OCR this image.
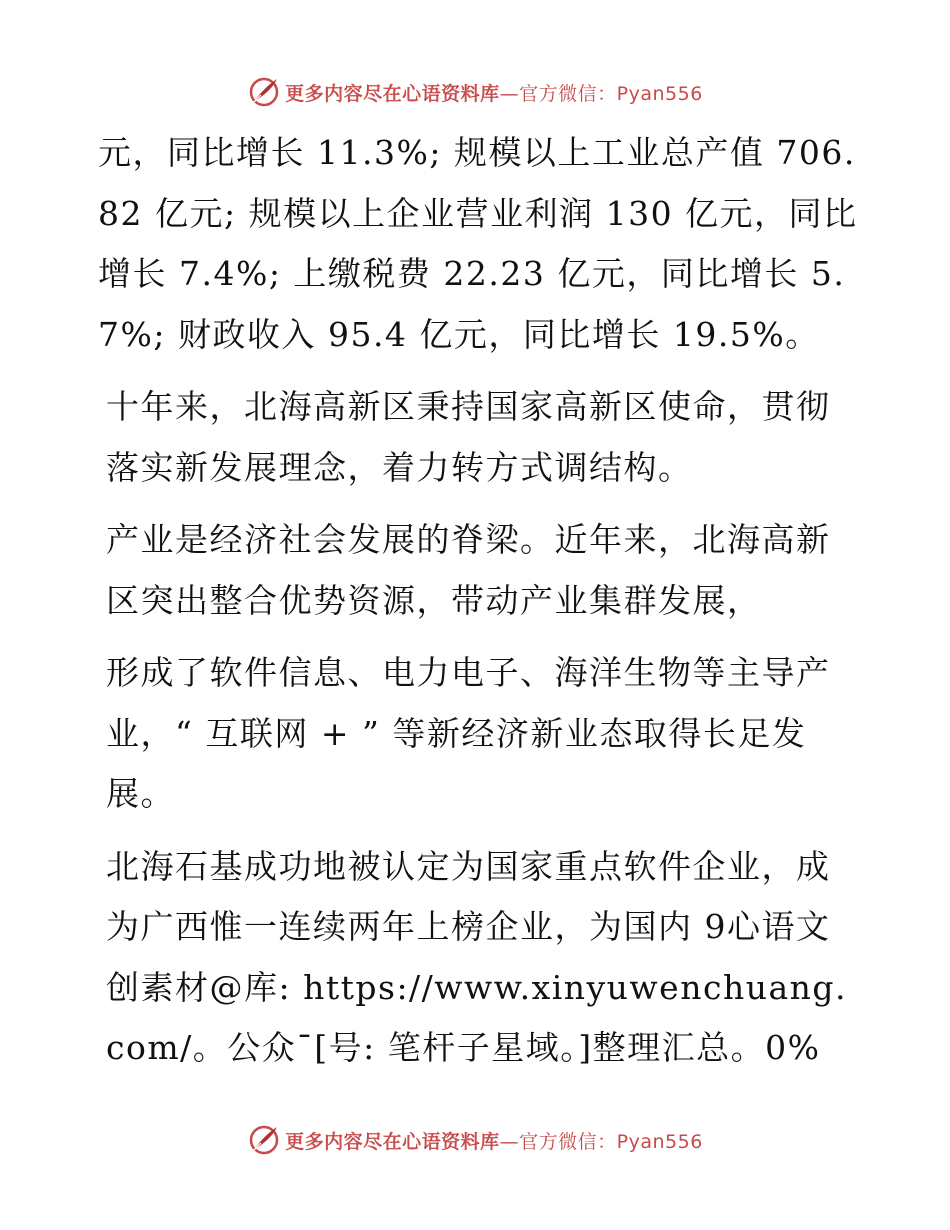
更多内容尽在心语资料库—官方微信：Pyan556

元，同比增长 11.3%; 规模以上工业总产值 706.82 亿元; 规模以上企业营业利润 130 亿元，同比增长 7.4%; 上缴税费 22.23 亿元，同比增长 5.7%; 财政收入 95.4 亿元，同比增长 19.5%。

十年来，北海高新区秉持国家高新区使命，贯彻落实新发展理念，着力转方式调结构。

产业是经济社会发展的脊梁。近年来，北海高新区突出整合优势资源，带动产业集群发展，

形成了软件信息、电力电子、海洋生物等主导产业，“ 互联网 + ” 等新经济新业态取得长足发展。

北海石基成功地被认定为国家重点软件企业，成为广西惟一连续两年上榜企业，为国内 9心语文创素材@库: https://www.xinyuwenchuang.com/。公众¯[号: 笔杆子星域。]整理汇总。0%

更多内容尽在心语资料库—官方微信：Pyan556
